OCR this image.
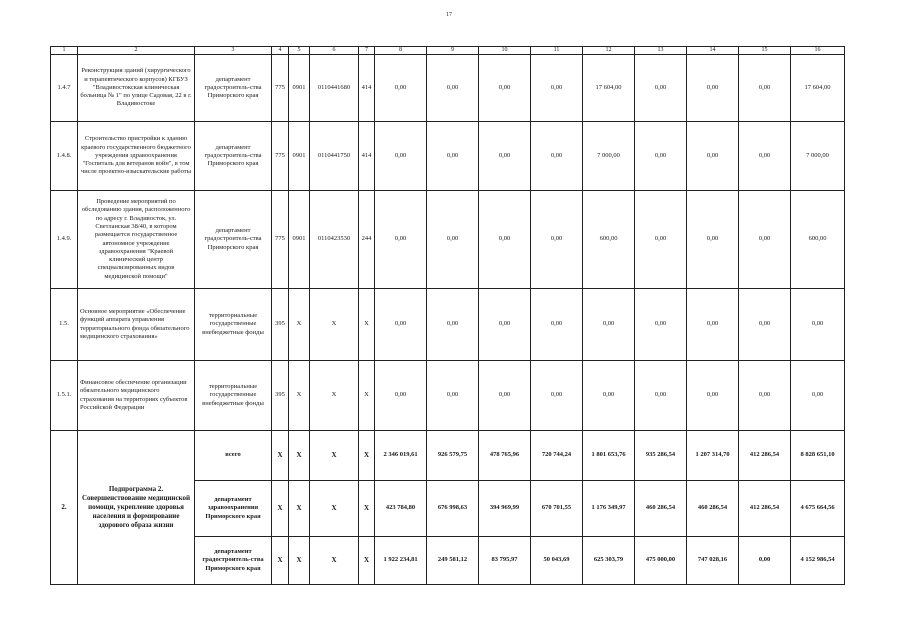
17
1	2	3	4	5	6	7	8	9	10	11	12	13	14	15	16
1.4.7	Реконструкция зданий (хирургического и терапевтического корпусов) КГБУЗ "Владивостокская клиническая больница № 1" по улице Садовая, 22 в г. Владивостоке	департамент градостроитель-ства Приморского края	775	0901	0110441680	414	0,00	0,00	0,00	0,00	17 604,00	0,00	0,00	0,00	17 604,00
1.4.8.	Строительство пристройки к зданию краевого государственного бюджетного учреждения здравоохранения "Госпиталь для ветеранов войн", в том числе проектно-изыскательские работы	департамент градостроитель-ства Приморского края	775	0901	0110441750	414	0,00	0,00	0,00	0,00	7 000,00	0,00	0,00	0,00	7 000,00
1.4.9.	Проведение мероприятий по обследованию здания, расположенного по адресу г. Владивосток, ул. Светланская 38/40, в котором размещается государственное автономное учреждение здравоохранения "Краевой клинический центр специализированных видов медицинской помощи"	департамент градостроитель-ства Приморского края	775	0901	0110423530	244	0,00	0,00	0,00	0,00	600,00	0,00	0,00	0,00	600,00
1.5.	Основное мероприятие «Обеспечение функций аппарата управления территориального фонда обязательного медицинского страхования»	территориальные государственные внебюджетные фонды	395	X	X	X	0,00	0,00	0,00	0,00	0,00	0,00	0,00	0,00	0,00
1.5.1.	Финансовое обеспечение организации обязательного медицинского страхования на территориях субъектов Российской Федерации	территориальные государственные внебюджетные фонды	395	X	X	X	0,00	0,00	0,00	0,00	0,00	0,00	0,00	0,00	0,00
2.	Подпрограмма 2. Совершенствование медицинской помощи, укрепление здоровья населения и формирование здорового образа жизни	всего	X	X	X	X	2 346 019,61	926 579,75	478 765,96	720 744,24	1 801 653,76	935 286,54	1 207 314,70	412 286,54	8 828 651,10
		департамент здравоохранения Приморского края	X	X	X	X	423 784,80	676 998,63	394 969,99	670 701,55	1 176 349,97	460 286,54	460 286,54	412 286,54	4 675 664,56
		департамент градостроитель-ства Приморского края	X	X	X	X	1 922 234,81	249 581,12	83 795,97	50 043,69	625 303,79	475 000,00	747 028,16	0,00	4 152 986,54
